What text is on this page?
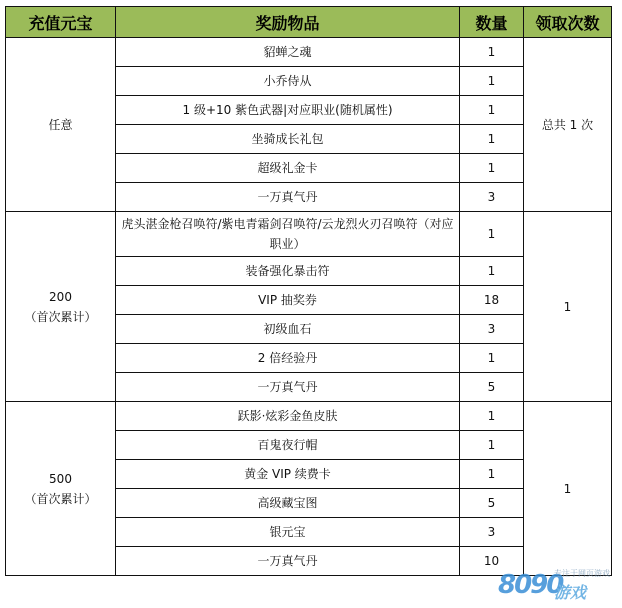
充值元宝	奖励物品	数量	领取次数

任意	貂蝉之魂	1	总共 1 次
	小乔侍从	1	
	1 级+10 紫色武器|对应职业(随机属性)	1	
	坐骑成长礼包	1	
	超级礼金卡	1	
	一万真气丹	3	

200
（首次累计）	虎头湛金枪召唤符/紫电青霜剑召唤符/云龙烈火刃召唤符（对应职业）	1	1
	装备强化暴击符	1	
	VIP 抽奖券	18	
	初级血石	3	
	2 倍经验丹	1	
	一万真气丹	5	

500
（首次累计）	跃影·炫彩金鱼皮肤	1	1
	百鬼夜行帽	1	
	黄金 VIP 续费卡	1	
	高级藏宝图	5	
	银元宝	3	
	一万真气丹	10	
8090
专注于网页游戏
游戏
